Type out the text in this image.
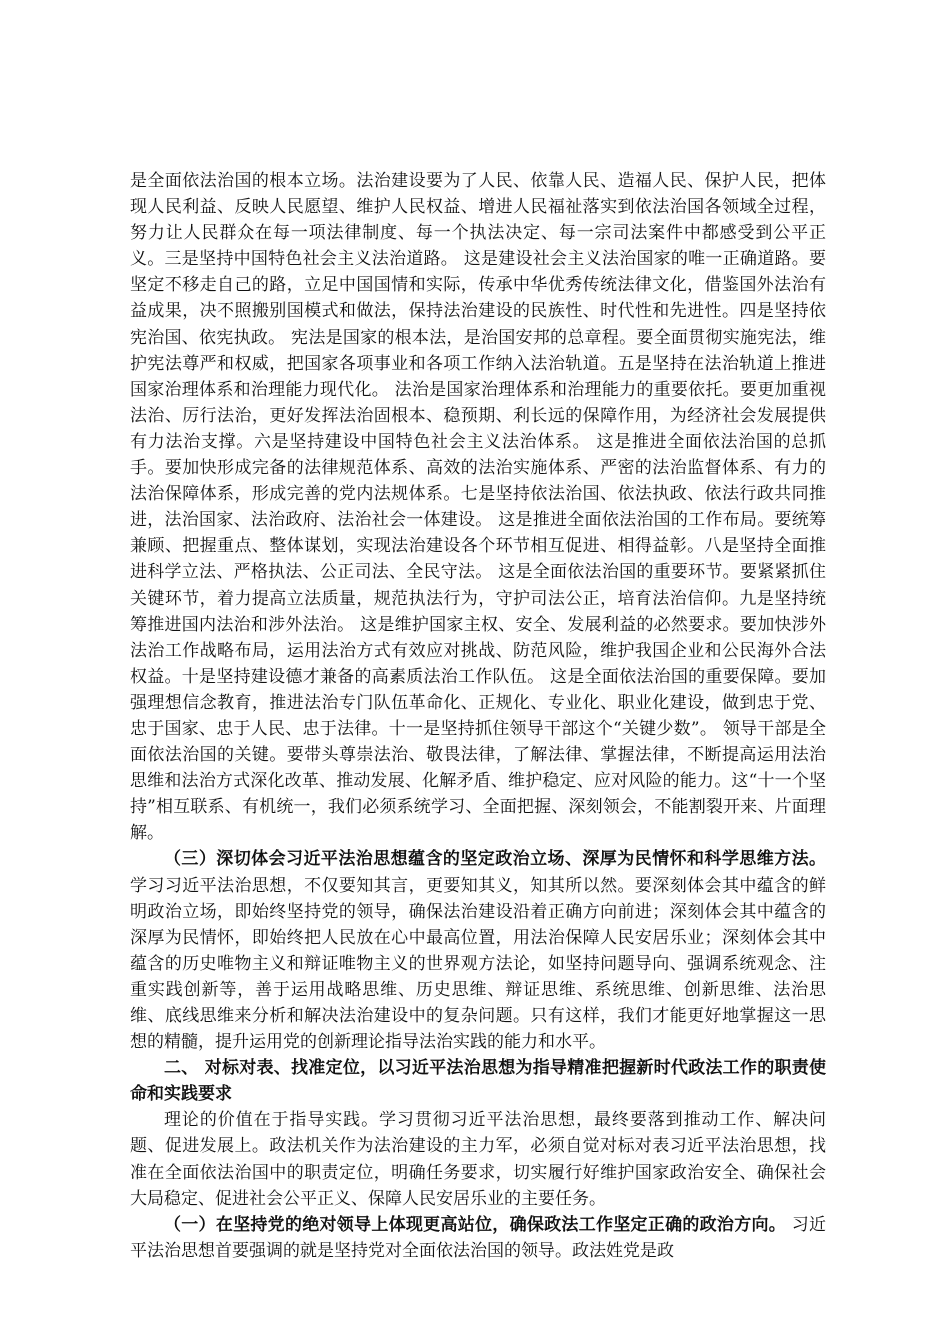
是全面依法治国的根本立场。法治建设要为了人民、依靠人民、造福人民、保护人民，把体现人民利益、反映人民愿望、维护人民权益、增进人民福祉落实到依法治国各领域全过程，努力让人民群众在每一项法律制度、每一个执法决定、每一宗司法案件中都感受到公平正义。三是坚持中国特色社会主义法治道路。 这是建设社会主义法治国家的唯一正确道路。要坚定不移走自己的路，立足中国国情和实际，传承中华优秀传统法律文化，借鉴国外法治有益成果，决不照搬别国模式和做法，保持法治建设的民族性、时代性和先进性。四是坚持依宪治国、依宪执政。 宪法是国家的根本法，是治国安邦的总章程。要全面贯彻实施宪法，维护宪法尊严和权威，把国家各项事业和各项工作纳入法治轨道。五是坚持在法治轨道上推进国家治理体系和治理能力现代化。 法治是国家治理体系和治理能力的重要依托。要更加重视法治、厉行法治，更好发挥法治固根本、稳预期、利长远的保障作用，为经济社会发展提供有力法治支撑。六是坚持建设中国特色社会主义法治体系。 这是推进全面依法治国的总抓手。要加快形成完备的法律规范体系、高效的法治实施体系、严密的法治监督体系、有力的法治保障体系，形成完善的党内法规体系。七是坚持依法治国、依法执政、依法行政共同推进，法治国家、法治政府、法治社会一体建设。 这是推进全面依法治国的工作布局。要统筹兼顾、把握重点、整体谋划，实现法治建设各个环节相互促进、相得益彰。八是坚持全面推进科学立法、严格执法、公正司法、全民守法。 这是全面依法治国的重要环节。要紧紧抓住关键环节，着力提高立法质量，规范执法行为，守护司法公正，培育法治信仰。九是坚持统筹推进国内法治和涉外法治。 这是维护国家主权、安全、发展利益的必然要求。要加快涉外法治工作战略布局，运用法治方式有效应对挑战、防范风险，维护我国企业和公民海外合法权益。十是坚持建设德才兼备的高素质法治工作队伍。 这是全面依法治国的重要保障。要加强理想信念教育，推进法治专门队伍革命化、正规化、专业化、职业化建设，做到忠于党、忠于国家、忠于人民、忠于法律。十一是坚持抓住领导干部这个“关键少数”。 领导干部是全面依法治国的关键。要带头尊崇法治、敬畏法律，了解法律、掌握法律，不断提高运用法治思维和法治方式深化改革、推动发展、化解矛盾、维护稳定、应对风险的能力。这“十一个坚持”相互联系、有机统一，我们必须系统学习、全面把握、深刻领会，不能割裂开来、片面理解。

（三）深切体会习近平法治思想蕴含的坚定政治立场、深厚为民情怀和科学思维方法。 学习习近平法治思想，不仅要知其言，更要知其义，知其所以然。要深刻体会其中蕴含的鲜明政治立场，即始终坚持党的领导，确保法治建设沿着正确方向前进；深刻体会其中蕴含的深厚为民情怀，即始终把人民放在心中最高位置，用法治保障人民安居乐业；深刻体会其中蕴含的历史唯物主义和辩证唯物主义的世界观方法论，如坚持问题导向、强调系统观念、注重实践创新等，善于运用战略思维、历史思维、辩证思维、系统思维、创新思维、法治思维、底线思维来分析和解决法治建设中的复杂问题。只有这样，我们才能更好地掌握这一思想的精髓，提升运用党的创新理论指导法治实践的能力和水平。

二、 对标对表、找准定位，以习近平法治思想为指导精准把握新时代政法工作的职责使命和实践要求

理论的价值在于指导实践。学习贯彻习近平法治思想，最终要落到推动工作、解决问题、促进发展上。政法机关作为法治建设的主力军，必须自觉对标对表习近平法治思想，找准在全面依法治国中的职责定位，明确任务要求，切实履行好维护国家政治安全、确保社会大局稳定、促进社会公平正义、保障人民安居乐业的主要任务。

（一）在坚持党的绝对领导上体现更高站位，确保政法工作坚定正确的政治方向。 习近平法治思想首要强调的就是坚持党对全面依法治国的领导。政法姓党是政
